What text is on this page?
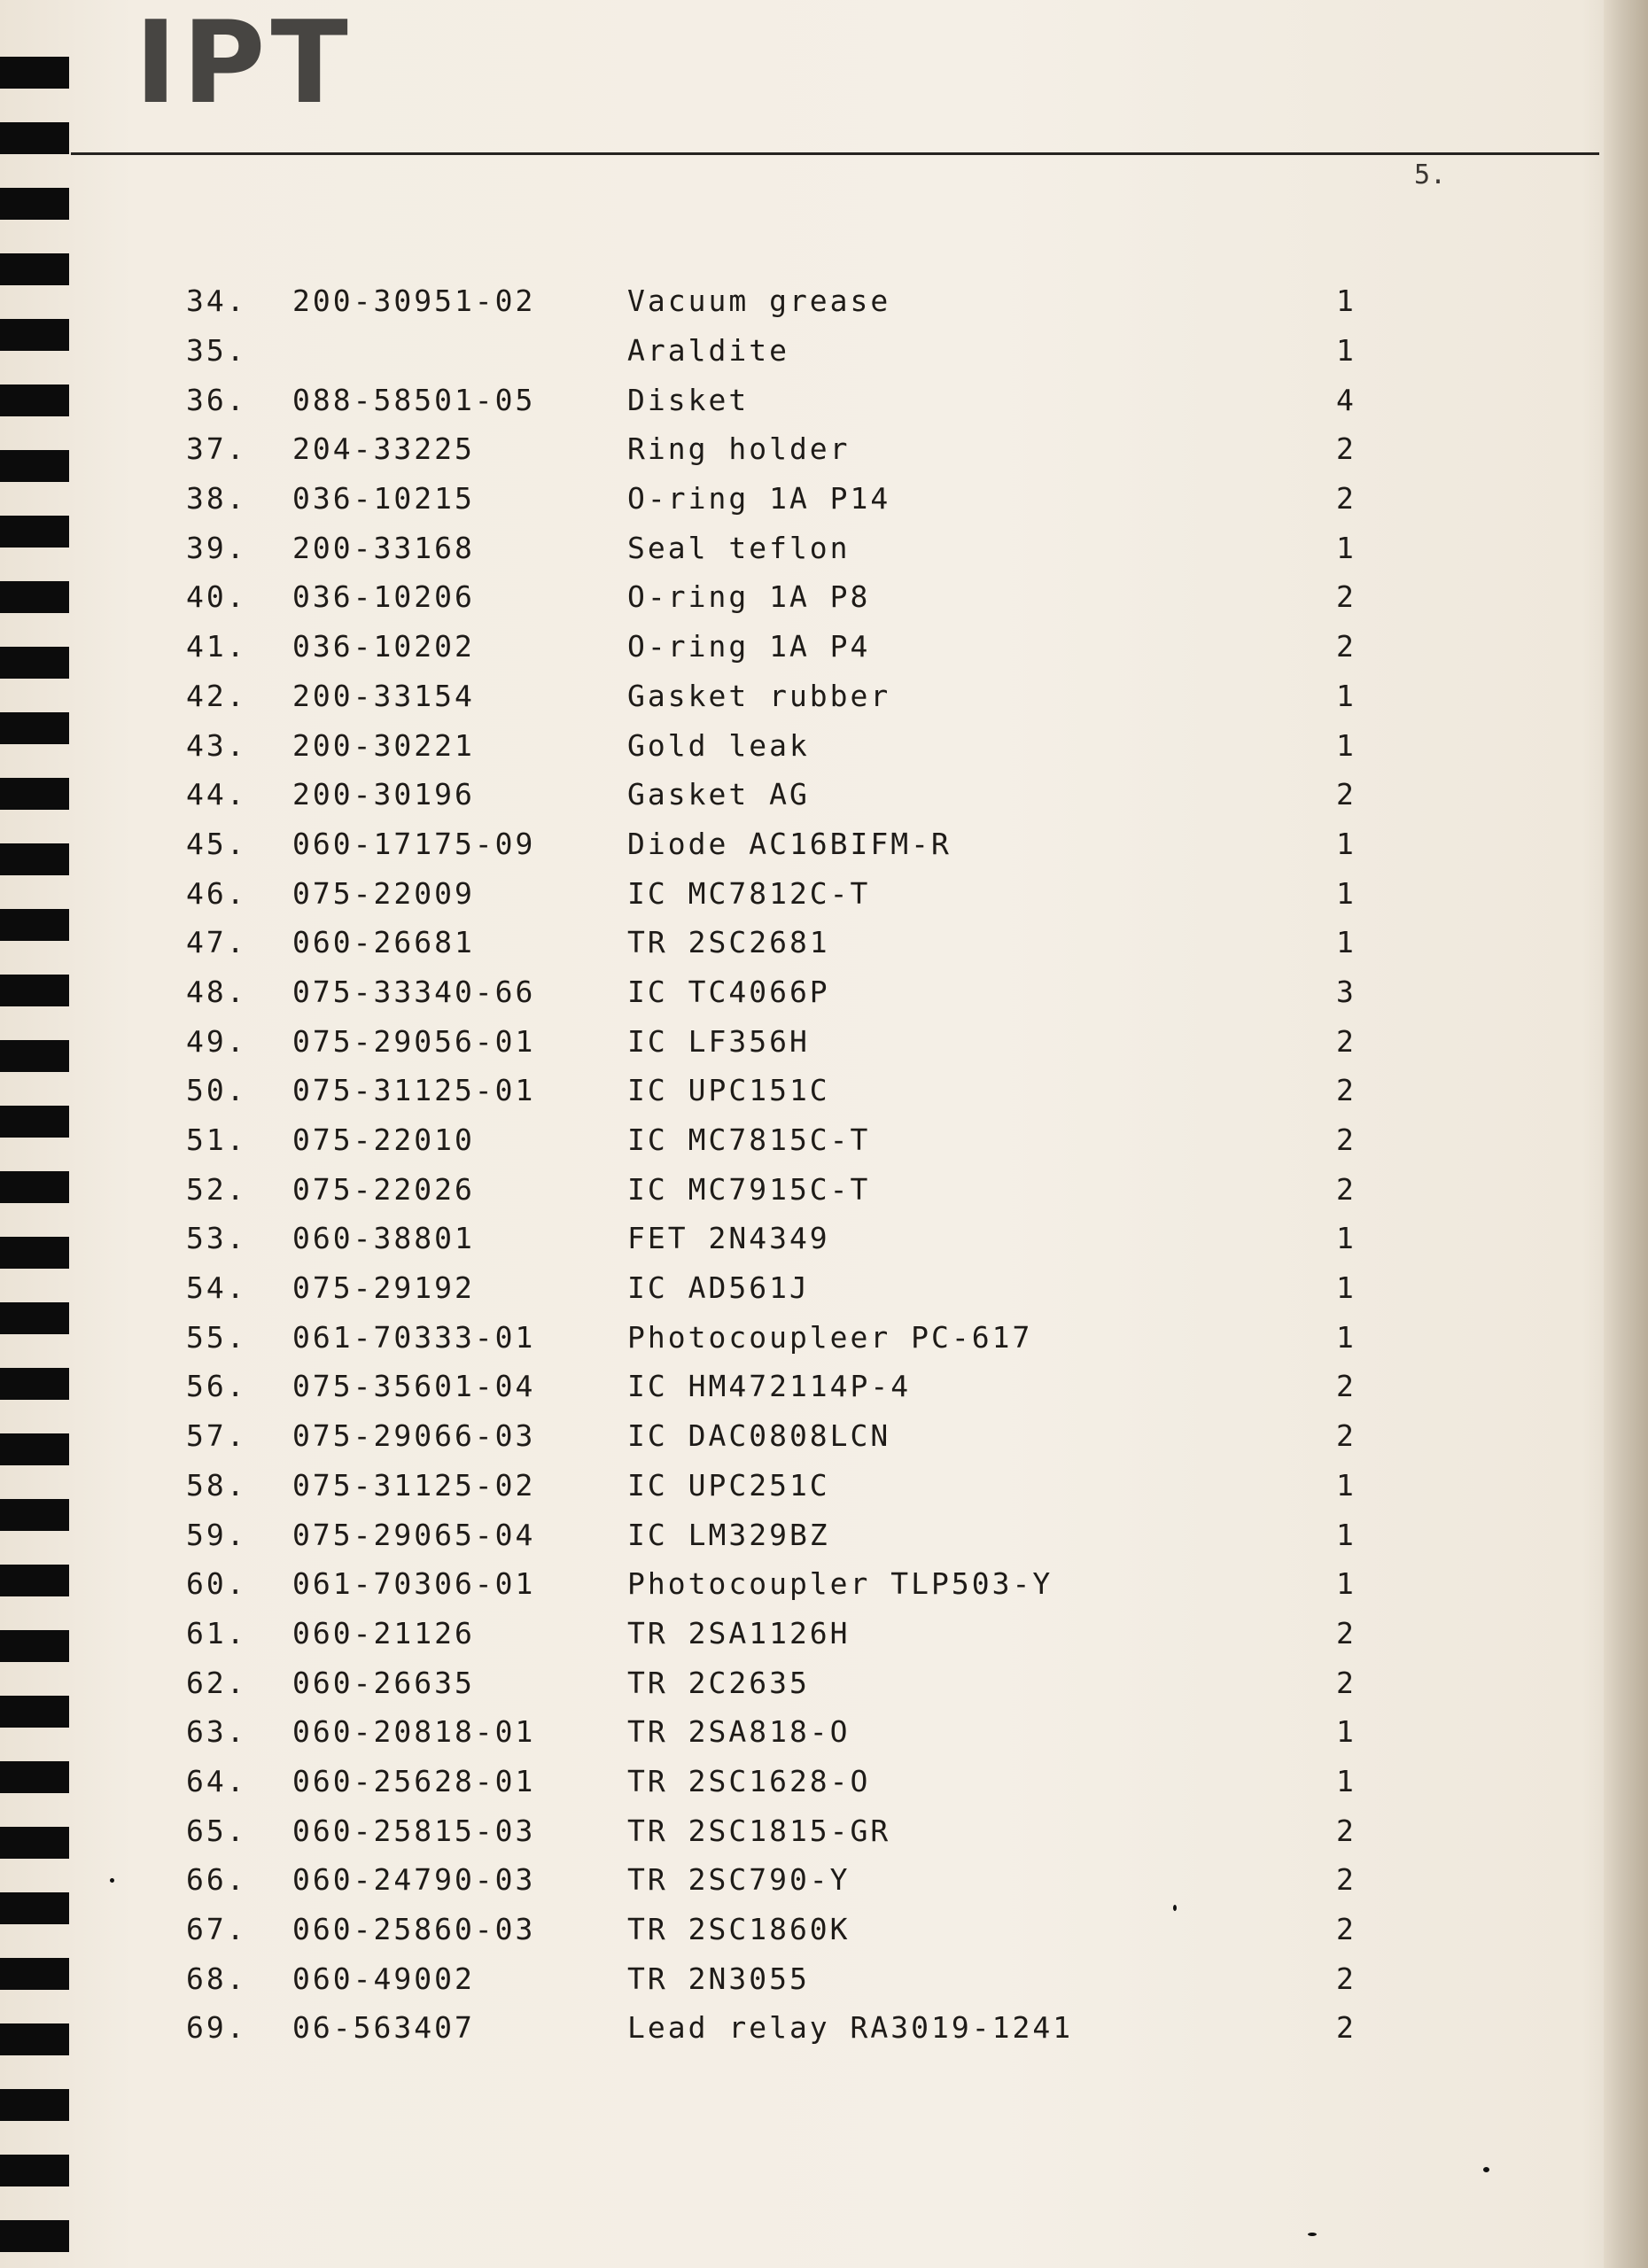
IPT
5.
34.	200-30951-02	Vacuum grease	1
35.		Araldite	1
36.	088-58501-05	Disket	4
37.	204-33225	Ring holder	2
38.	036-10215	O-ring 1A P14	2
39.	200-33168	Seal teflon	1
40.	036-10206	O-ring 1A P8	2
41.	036-10202	O-ring 1A P4	2
42.	200-33154	Gasket rubber	1
43.	200-30221	Gold leak	1
44.	200-30196	Gasket AG	2
45.	060-17175-09	Diode AC16BIFM-R	1
46.	075-22009	IC MC7812C-T	1
47.	060-26681	TR 2SC2681	1
48.	075-33340-66	IC TC4066P	3
49.	075-29056-01	IC LF356H	2
50.	075-31125-01	IC UPC151C	2
51.	075-22010	IC MC7815C-T	2
52.	075-22026	IC MC7915C-T	2
53.	060-38801	FET 2N4349	1
54.	075-29192	IC AD561J	1
55.	061-70333-01	Photocoupleer PC-617	1
56.	075-35601-04	IC HM472114P-4	2
57.	075-29066-03	IC DAC0808LCN	2
58.	075-31125-02	IC UPC251C	1
59.	075-29065-04	IC LM329BZ	1
60.	061-70306-01	Photocoupler TLP503-Y	1
61.	060-21126	TR 2SA1126H	2
62.	060-26635	TR 2C2635	2
63.	060-20818-01	TR 2SA818-O	1
64.	060-25628-01	TR 2SC1628-O	1
65.	060-25815-03	TR 2SC1815-GR	2
66.	060-24790-03	TR 2SC790-Y	2
67.	060-25860-03	TR 2SC1860K	2
68.	060-49002	TR 2N3055	2
69.	06-563407	Lead relay RA3019-1241	2
